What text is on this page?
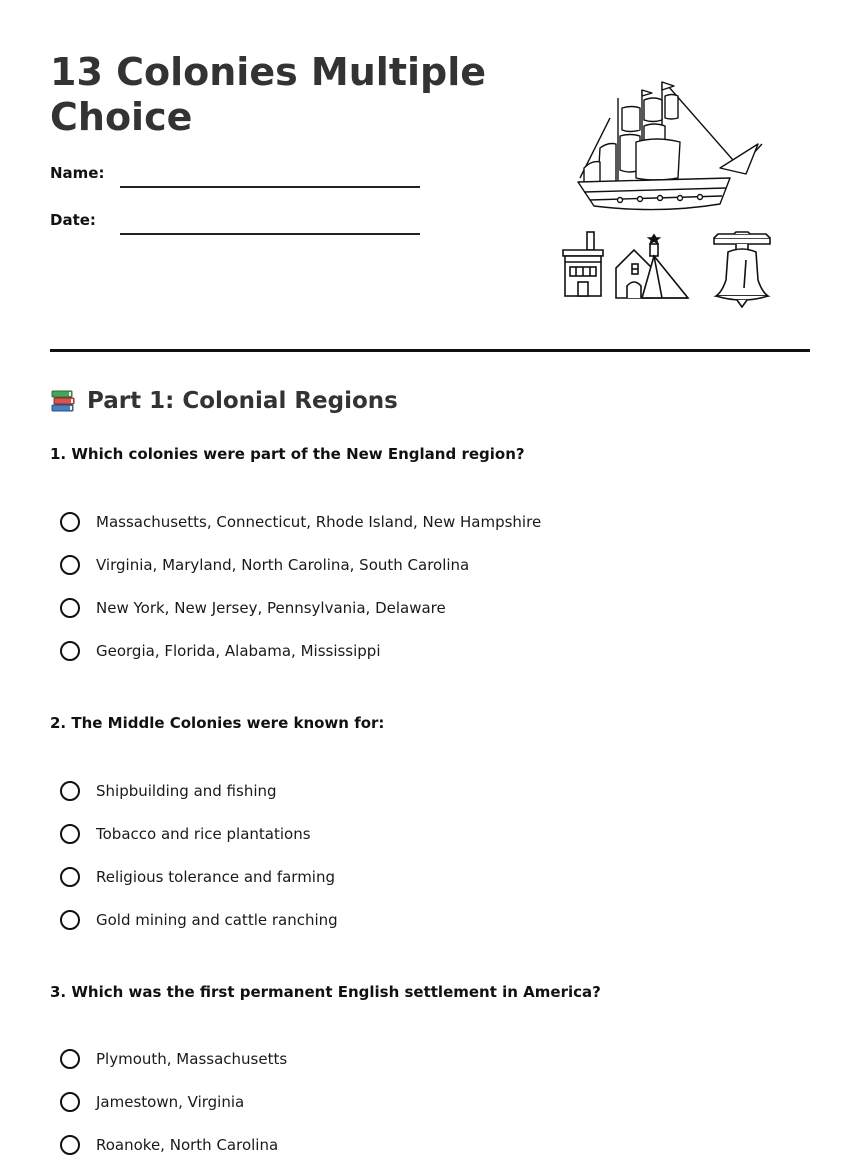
13 Colonies Multiple Choice
Name:
Date:
Part 1: Colonial Regions

1. Which colonies were part of the New England region?

Massachusetts, Connecticut, Rhode Island, New Hampshire
Virginia, Maryland, North Carolina, South Carolina
New York, New Jersey, Pennsylvania, Delaware
Georgia, Florida, Alabama, Mississippi

2. The Middle Colonies were known for:

Shipbuilding and fishing
Tobacco and rice plantations
Religious tolerance and farming
Gold mining and cattle ranching

3. Which was the first permanent English settlement in America?

Plymouth, Massachusetts
Jamestown, Virginia
Roanoke, North Carolina
